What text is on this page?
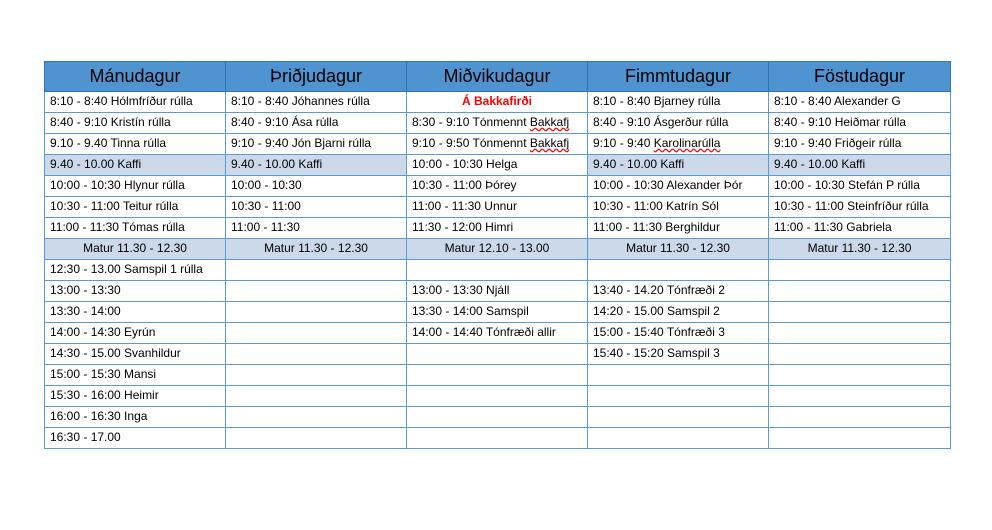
Mánudagur	Þriðjudagur	Miðvikudagur	Fimmtudagur	Föstudagur
8:10 - 8:40 Hólmfríður rúlla	8:10 - 8:40 Jóhannes rúlla	Á Bakkafirði	8:10 - 8:40 Bjarney rúlla	8:10 - 8:40 Alexander G
8:40 - 9:10 Kristín rúlla	8:40 - 9:10 Ása rúlla	8:30 - 9:10 Tónmennt Bakkafj	8:40 - 9:10 Ásgerður rúlla	8:40 - 9:10 Heiðmar rúlla
9.10 - 9.40 Tinna rúlla	9:10 - 9:40 Jón Bjarni rúlla	9:10 - 9:50 Tónmennt Bakkafj	9:10 - 9:40 Karolinarúlla	9:10 - 9:40 Friðgeir rúlla
9.40 - 10.00 Kaffi	9.40 - 10.00 Kaffi	10:00 - 10:30 Helga	9.40 - 10.00 Kaffi	9.40 - 10.00 Kaffi
10:00 - 10:30 Hlynur rúlla	10:00 - 10:30	10:30 - 11:00 Þórey	10:00 - 10:30 Alexander Þór	10:00 - 10:30 Stefán P rúlla
10:30 - 11:00 Teitur rúlla	10:30 - 11:00	11:00 - 11:30 Unnur	10:30 - 11:00 Katrín Sól	10:30 - 11:00 Steinfríður rúlla
11:00 - 11:30 Tómas rúlla	11:00 - 11:30	11:30 - 12:00 Himri	11:00 - 11:30 Berghildur	11:00 - 11:30 Gabriela
Matur 11.30 - 12.30	Matur 11.30 - 12.30	Matur 12.10 - 13.00	Matur 11.30 - 12.30	Matur 11.30 - 12.30
12:30 - 13.00 Samspil 1 rúlla				
13:00 - 13:30		13:00 - 13:30 Njáll	13:40 - 14.20 Tónfræði 2	
13:30 - 14:00		13:30 - 14:00 Samspil	14:20 - 15.00 Samspil 2	
14:00 - 14:30 Eyrún		14:00 - 14:40 Tónfræði allir	15:00 - 15:40 Tónfræði 3	
14:30 - 15.00 Svanhildur			15:40 - 15:20 Samspil 3	
15:00 - 15:30 Mansi				
15:30 - 16:00 Heimir				
16:00 - 16:30 Inga				
16:30 - 17.00				
